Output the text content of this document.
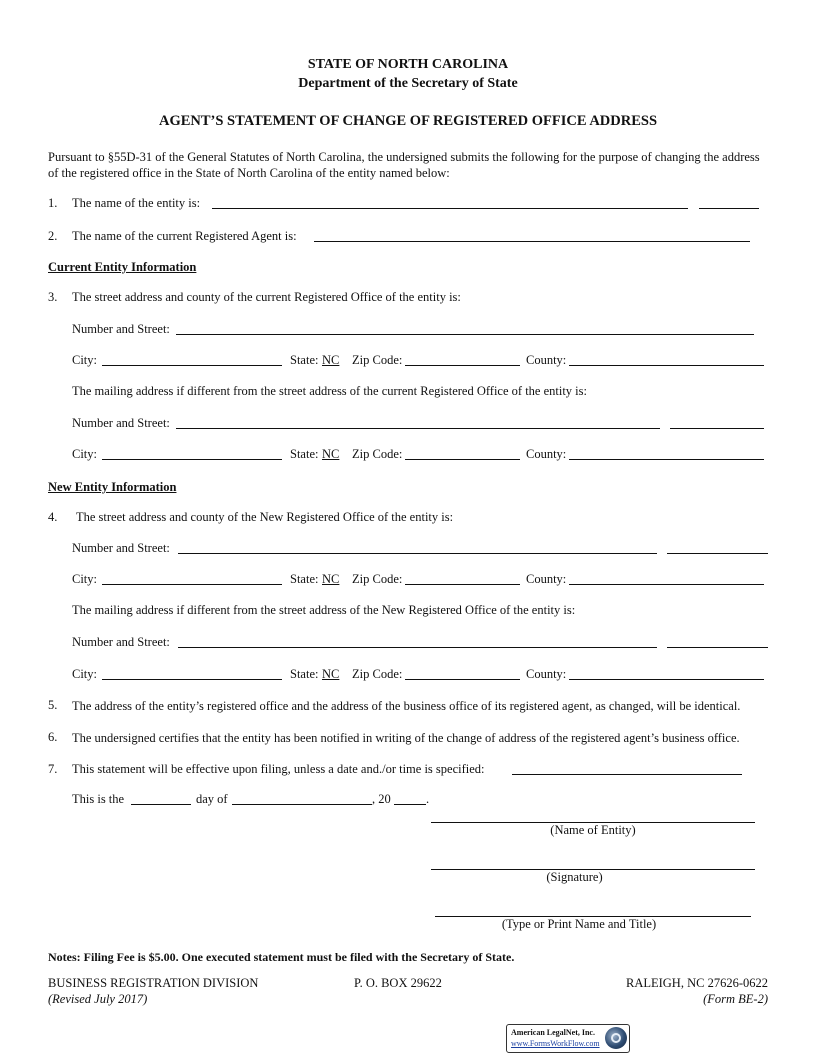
STATE OF NORTH CAROLINA
Department of the Secretary of State
AGENT’S STATEMENT OF CHANGE OF REGISTERED OFFICE ADDRESS
Pursuant to §55D-31 of the General Statutes of North Carolina, the undersigned submits the following for the purpose of changing the address of the registered office in the State of North Carolina of the entity named below:
1. The name of the entity is:
2. The name of the current Registered Agent is:
Current Entity Information
3. The street address and county of the current Registered Office of the entity is:
Number and Street:
City:	State: NC Zip Code:	County:
The mailing address if different from the street address of the current Registered Office of the entity is:
Number and Street:
City:	State: NC Zip Code:	County:
New Entity Information
4. The street address and county of the New Registered Office of the entity is:
Number and Street:
City:	State: NC Zip Code:	County:
The mailing address if different from the street address of the New Registered Office of the entity is:
Number and Street:
City:	State: NC Zip Code:	County:
5. The address of the entity’s registered office and the address of the business office of its registered agent, as changed, will be identical.
6. The undersigned certifies that the entity has been notified in writing of the change of address of the registered agent’s business office.
7. This statement will be effective upon filing, unless a date and./or time is specified:
This is the	day of	, 20	.
(Name of Entity)
(Signature)
(Type or Print Name and Title)
Notes: Filing Fee is $5.00. One executed statement must be filed with the Secretary of State.
BUSINESS REGISTRATION DIVISION	P. O. BOX 29622	RALEIGH, NC 27626-0622
(Revised July 2017)	(Form BE-2)
American LegalNet, Inc.
www.FormsWorkFlow.com
